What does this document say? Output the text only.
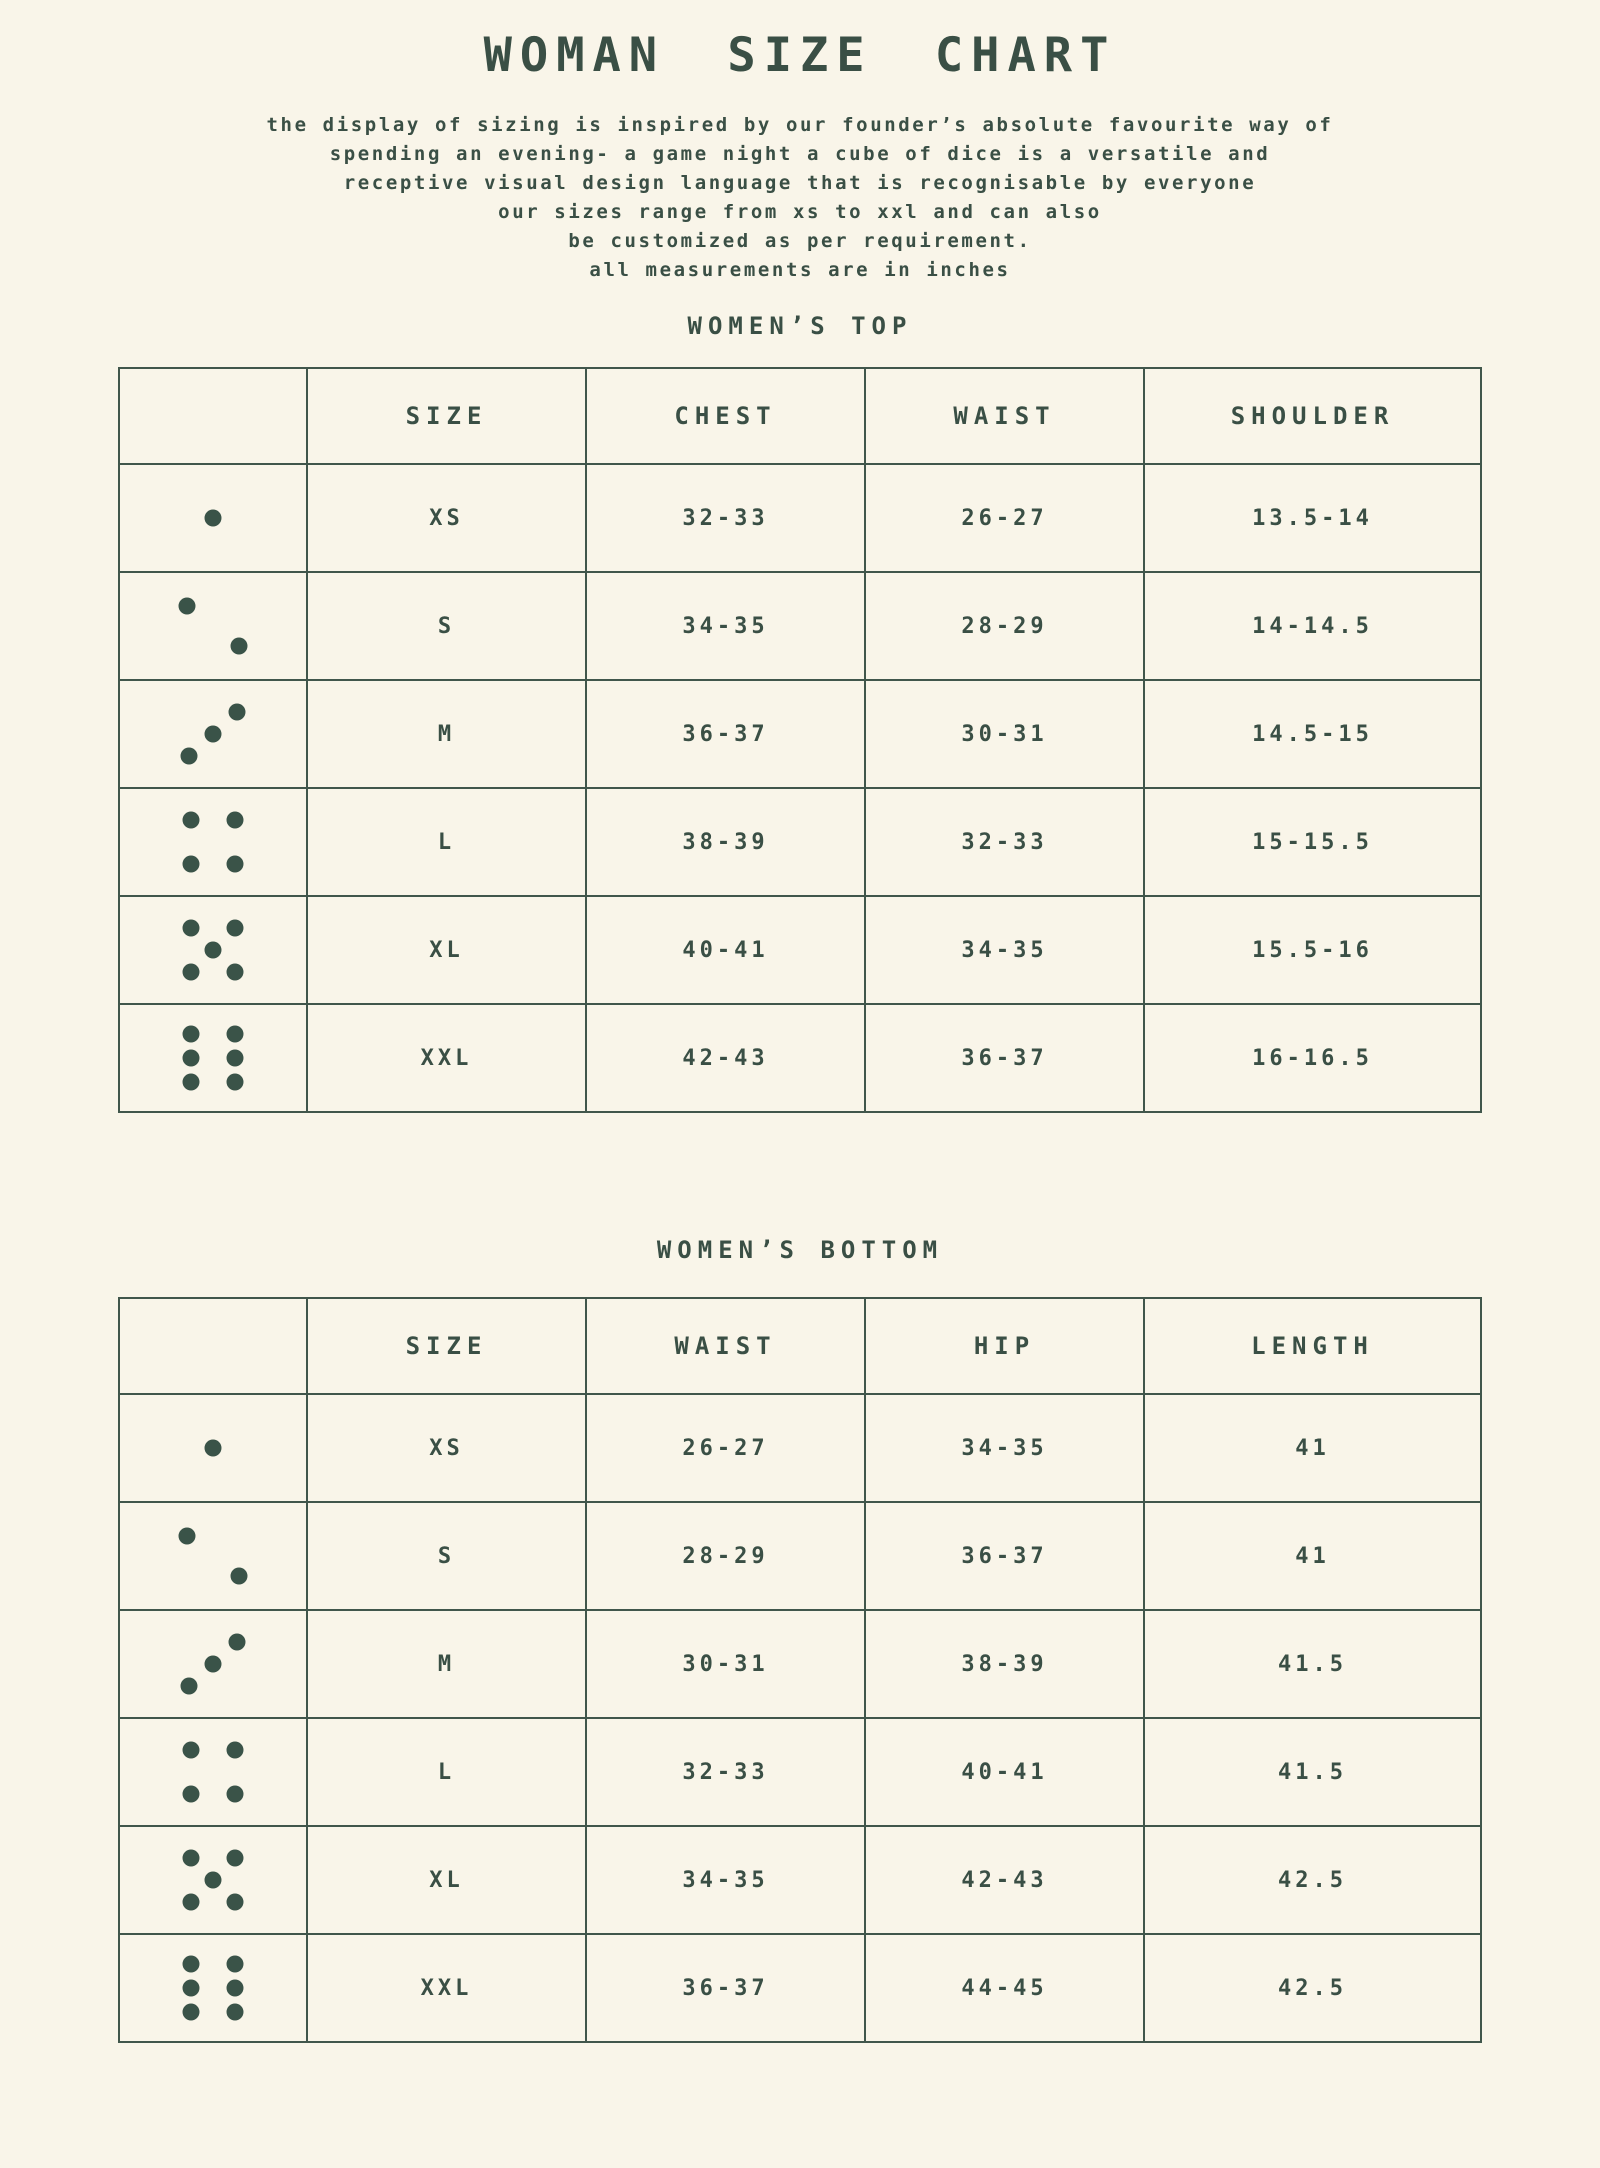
WOMAN SIZE CHART
the display of sizing is inspired by our founder’s absolute favourite way of
spending an evening- a game night a cube of dice is a versatile and
receptive visual design language that is recognisable by everyone
our sizes range from xs to xxl and can also
be customized as per requirement.
all measurements are in inches
WOMEN’S TOP
SIZE	CHEST	WAIST	SHOULDER
XS	32-33	26-27	13.5-14
S	34-35	28-29	14-14.5
M	36-37	30-31	14.5-15
L	38-39	32-33	15-15.5
XL	40-41	34-35	15.5-16
XXL	42-43	36-37	16-16.5
WOMEN’S BOTTOM
SIZE	WAIST	HIP	LENGTH
XS	26-27	34-35	41
S	28-29	36-37	41
M	30-31	38-39	41.5
L	32-33	40-41	41.5
XL	34-35	42-43	42.5
XXL	36-37	44-45	42.5
